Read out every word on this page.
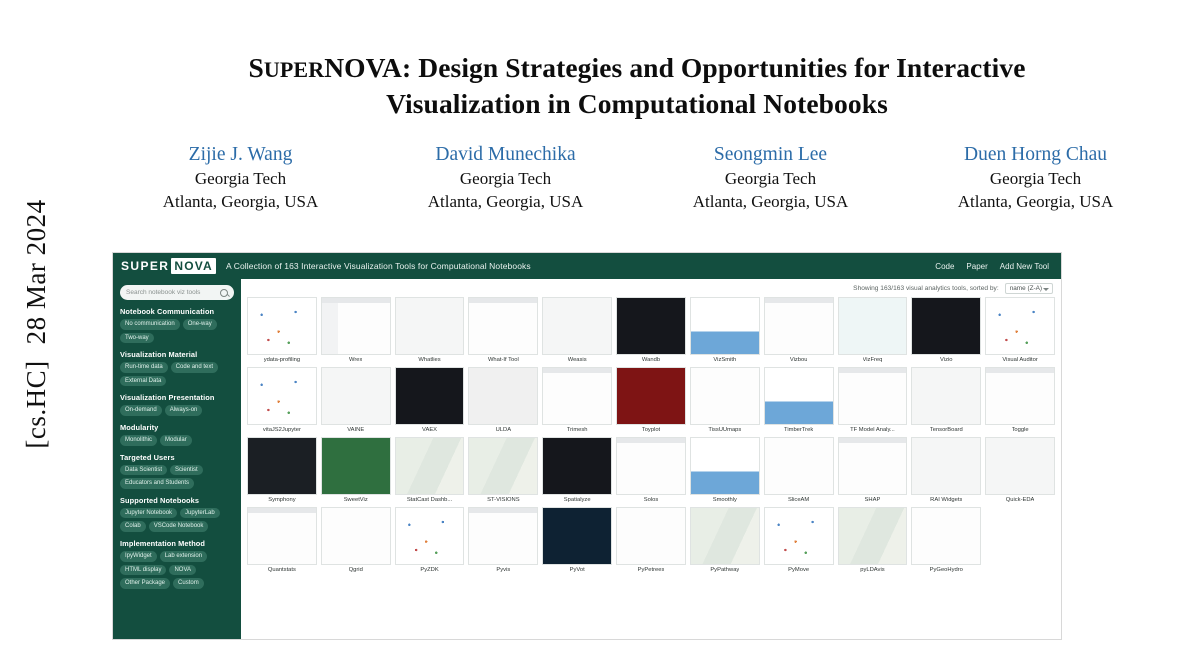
[cs.HC]
28 Mar 2024
SUPERNOVA: Design Strategies and Opportunities for Interactive
Visualization in Computational Notebooks
Zijie J. Wang
Georgia Tech
Atlanta, Georgia, USA
David Munechika
Georgia Tech
Atlanta, Georgia, USA
Seongmin Lee
Georgia Tech
Atlanta, Georgia, USA
Duen Horng Chau
Georgia Tech
Atlanta, Georgia, USA
SUPER NOVA	A Collection of 163 Interactive Visualization Tools for Computational Notebooks	Code Paper Add New Tool
Search notebook viz tools
Notebook Communication
No communication	One-way
Two-way
Visualization Material
Run-time data	Code and text
External Data
Visualization Presentation
On-demand	Always-on
Modularity
Monolithic	Modular
Targeted Users
Data Scientist	Scientist
Educators and Students
Supported Notebooks
Jupyter Notebook	JupyterLab
Colab	VSCode Notebook
Implementation Method
IpyWidget	Lab extension
HTML display	NOVA
Other Package	Custom
Showing 163/163 visual analytics tools, sorted by:	name (Z-A)
ydata-profiling	Wrex	Whatlies	What-If Tool	Weasis	Wandb	VizSmith	Vizbou	VizFreq	Vizio	Visual Auditor
vitaJS2Jupyter	VAINE	VAEX	ULDA	Trimesh	Toyplot	TissUUmaps	TimberTrek	TF Model Analy...	TensorBoard	Toggle
Symphony	SweetViz	StatCast Dashb...	ST-VISIONS	Spatialyze	Solos	Smoothly	SliceAM	SHAP	RAI Widgets	Quick-EDA
Quantstats	Qgrid	PyZDK	Pyvis	PyVot	PyPetrees	PyPathway	PyMove	pyLDAvis	PyGeoHydro
